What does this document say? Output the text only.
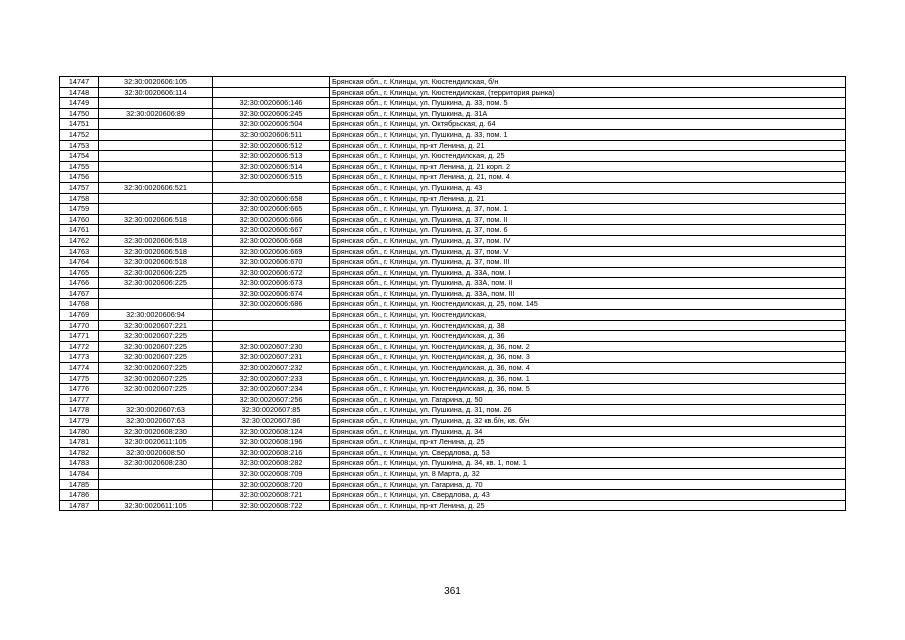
14747	32:30:0020606:105		Брянская обл., г. Клинцы, ул. Кюстендилская, б/н
14748	32:30:0020606:114		Брянская обл., г. Клинцы, ул. Кюстендилская, (территория рынка)
14749		32:30:0020606:146	Брянская обл., г. Клинцы, ул. Пушкина, д. 33, пом. 5
14750	32:30:0020606:89	32:30:0020606:245	Брянская обл., г. Клинцы, ул. Пушкина, д. 31А
14751		32:30:0020606:504	Брянская обл., г. Клинцы, ул. Октябрьская, д. 64
14752		32:30:0020606:511	Брянская обл., г. Клинцы, ул. Пушкина, д. 33, пом. 1
14753		32:30:0020606:512	Брянская обл., г. Клинцы, пр-кт Ленина, д. 21
14754		32:30:0020606:513	Брянская обл., г. Клинцы, ул. Кюстендилская, д. 25
14755		32:30:0020606:514	Брянская обл., г. Клинцы, пр-кт Ленина, д. 21 корп. 2
14756		32:30:0020606:515	Брянская обл., г. Клинцы, пр-кт Ленина, д. 21, пом. 4
14757	32:30:0020606:521		Брянская обл., г. Клинцы, ул. Пушкина, д. 43
14758		32:30:0020606:658	Брянская обл., г. Клинцы, пр-кт Ленина, д. 21
14759		32:30:0020606:665	Брянская обл., г. Клинцы, ул. Пушкина, д. 37, пом. 1
14760	32:30:0020606:518	32:30:0020606:666	Брянская обл., г. Клинцы, ул. Пушкина, д. 37, пом. II
14761		32:30:0020606:667	Брянская обл., г. Клинцы, ул. Пушкина, д. 37, пом. 6
14762	32:30:0020606:518	32:30:0020606:668	Брянская обл., г. Клинцы, ул. Пушкина, д. 37, пом. IV
14763	32:30:0020606:518	32:30:0020606:669	Брянская обл., г. Клинцы, ул. Пушкина, д. 37, пом. V
14764	32:30:0020606:518	32:30:0020606:670	Брянская обл., г. Клинцы, ул. Пушкина, д. 37, пом. III
14765	32:30:0020606:225	32:30:0020606:672	Брянская обл., г. Клинцы, ул. Пушкина, д. 33А, пом. I
14766	32:30:0020606:225	32:30:0020606:673	Брянская обл., г. Клинцы, ул. Пушкина, д. 33А, пом. II
14767		32:30:0020606:674	Брянская обл., г. Клинцы, ул. Пушкина, д. 33А, пом. III
14768		32:30:0020606:686	Брянская обл., г. Клинцы, ул. Кюстендилская, д. 25, пом. 145
14769	32:30:0020606:94		Брянская обл., г. Клинцы, ул. Кюстендилская,
14770	32:30:0020607:221		Брянская обл., г. Клинцы, ул. Кюстендилская, д. 38
14771	32:30:0020607:225		Брянская обл., г. Клинцы, ул. Кюстендилская, д. 36
14772	32:30:0020607:225	32:30:0020607:230	Брянская обл., г. Клинцы, ул. Кюстендилская, д. 36, пом. 2
14773	32:30:0020607:225	32:30:0020607:231	Брянская обл., г. Клинцы, ул. Кюстендилская, д. 36, пом. 3
14774	32:30:0020607:225	32:30:0020607:232	Брянская обл., г. Клинцы, ул. Кюстендилская, д. 36, пом. 4
14775	32:30:0020607:225	32:30:0020607:233	Брянская обл., г. Клинцы, ул. Кюстендилская, д. 36, пом. 1
14776	32:30:0020607:225	32:30:0020607:234	Брянская обл., г. Клинцы, ул. Кюстендилская, д. 36, пом. 5
14777		32:30:0020607:256	Брянская обл., г. Клинцы, ул. Гагарина, д. 50
14778	32:30:0020607:63	32:30:0020607:85	Брянская обл., г. Клинцы, ул. Пушкина, д. 31, пом. 26
14779	32:30:0020607:63	32:30:0020607:86	Брянская обл., г. Клинцы, ул. Пушкина, д. 32 кв.б/н, кв. б/н
14780	32:30:0020608:230	32:30:0020608:124	Брянская обл., г. Клинцы, ул. Пушкина, д. 34
14781	32:30:0020611:105	32:30:0020608:196	Брянская обл., г. Клинцы, пр-кт Ленина, д. 25
14782	32:30:0020608:50	32:30:0020608:216	Брянская обл., г. Клинцы, ул. Свердлова, д. 53
14783	32:30:0020608:230	32:30:0020608:282	Брянская обл., г. Клинцы, ул. Пушкина, д. 34, кв. 1, пом. 1
14784		32:30:0020608:709	Брянская обл., г. Клинцы, ул. 8 Марта, д. 32
14785		32:30:0020608:720	Брянская обл., г. Клинцы, ул. Гагарина, д. 70
14786		32:30:0020608:721	Брянская обл., г. Клинцы, ул. Свердлова, д. 43
14787	32:30:0020611:105	32:30:0020608:722	Брянская обл., г. Клинцы, пр-кт Ленина, д. 25
361
